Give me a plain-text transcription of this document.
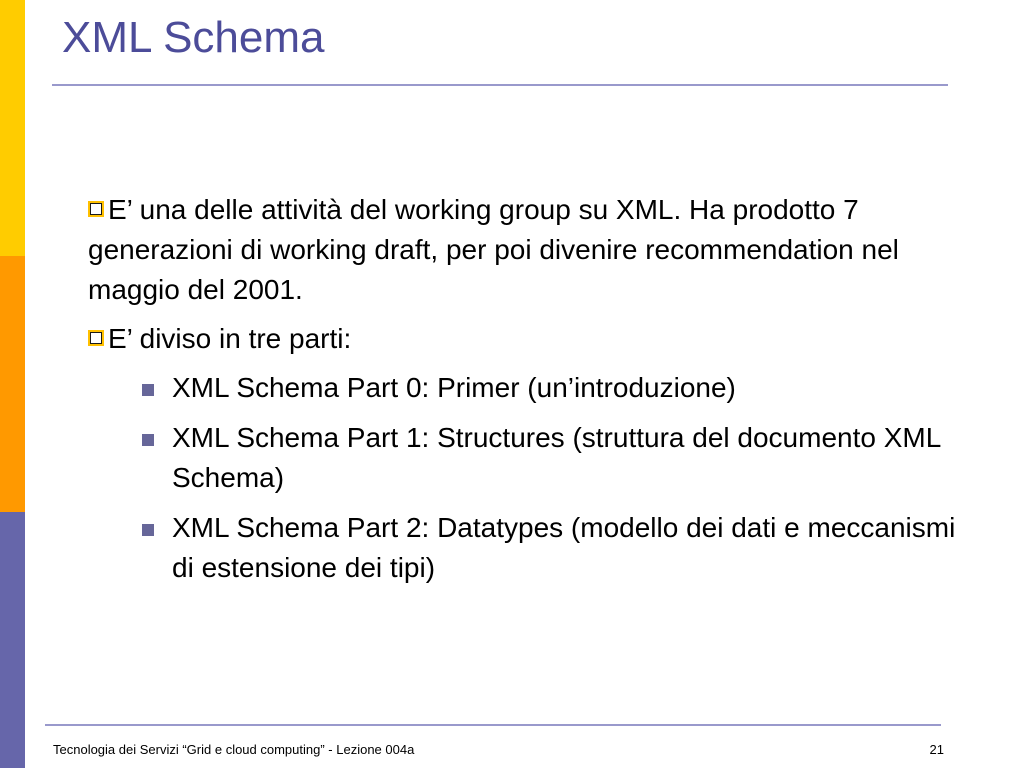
XML Schema

E’ una delle attività del working group su XML. Ha prodotto 7 generazioni di working draft, per poi divenire recommendation nel maggio del 2001.

E’ diviso in tre parti:

XML Schema Part 0: Primer (un’introduzione)

XML Schema Part 1: Structures (struttura del documento XML Schema)

XML Schema Part 2: Datatypes (modello dei dati e meccanismi di estensione dei tipi)

Tecnologia dei Servizi “Grid e cloud computing” - Lezione 004a	21
